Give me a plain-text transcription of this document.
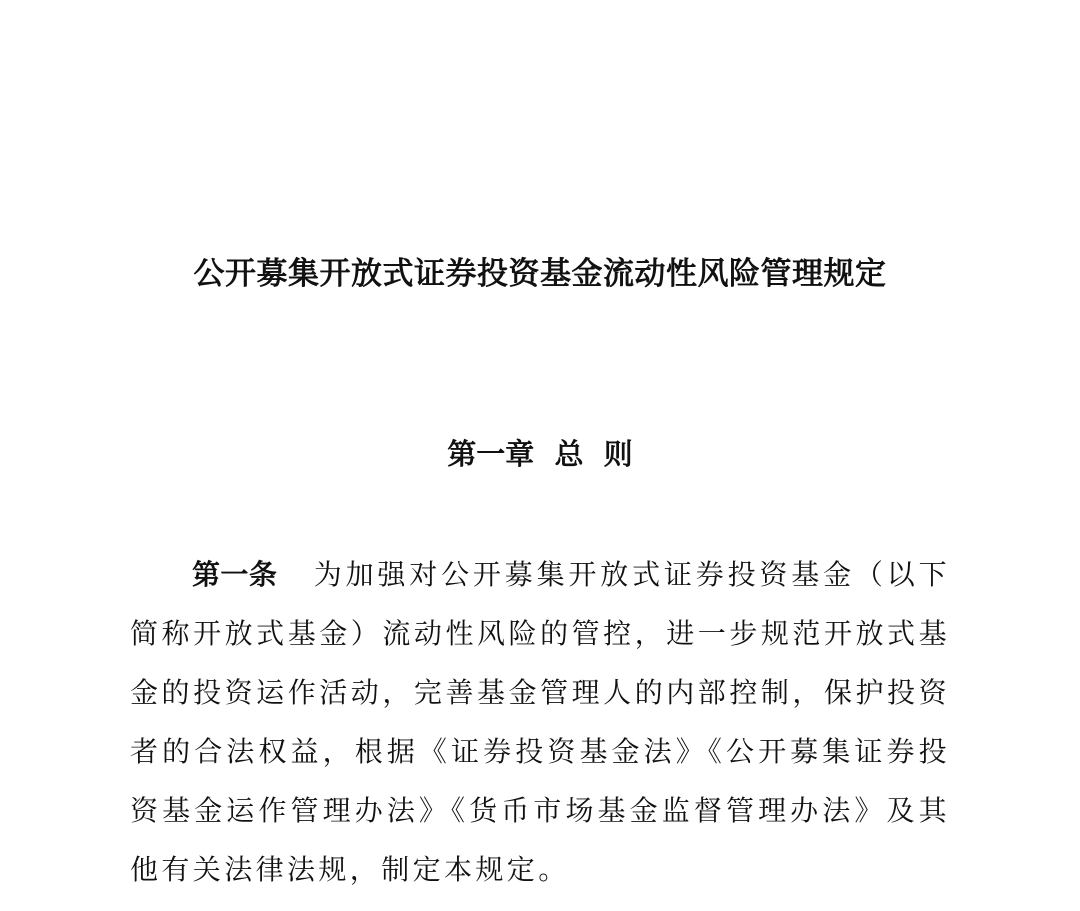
公开募集开放式证券投资基金流动性风险管理规定
第一章  总  则

第一条 为加强对公开募集开放式证券投资基金（以下简称开放式基金）流动性风险的管控，进一步规范开放式基金的投资运作活动，完善基金管理人的内部控制，保护投资者的合法权益，根据《证券投资基金法》《公开募集证券投资基金运作管理办法》《货币市场基金监督管理办法》及其他有关法律法规，制定本规定。
